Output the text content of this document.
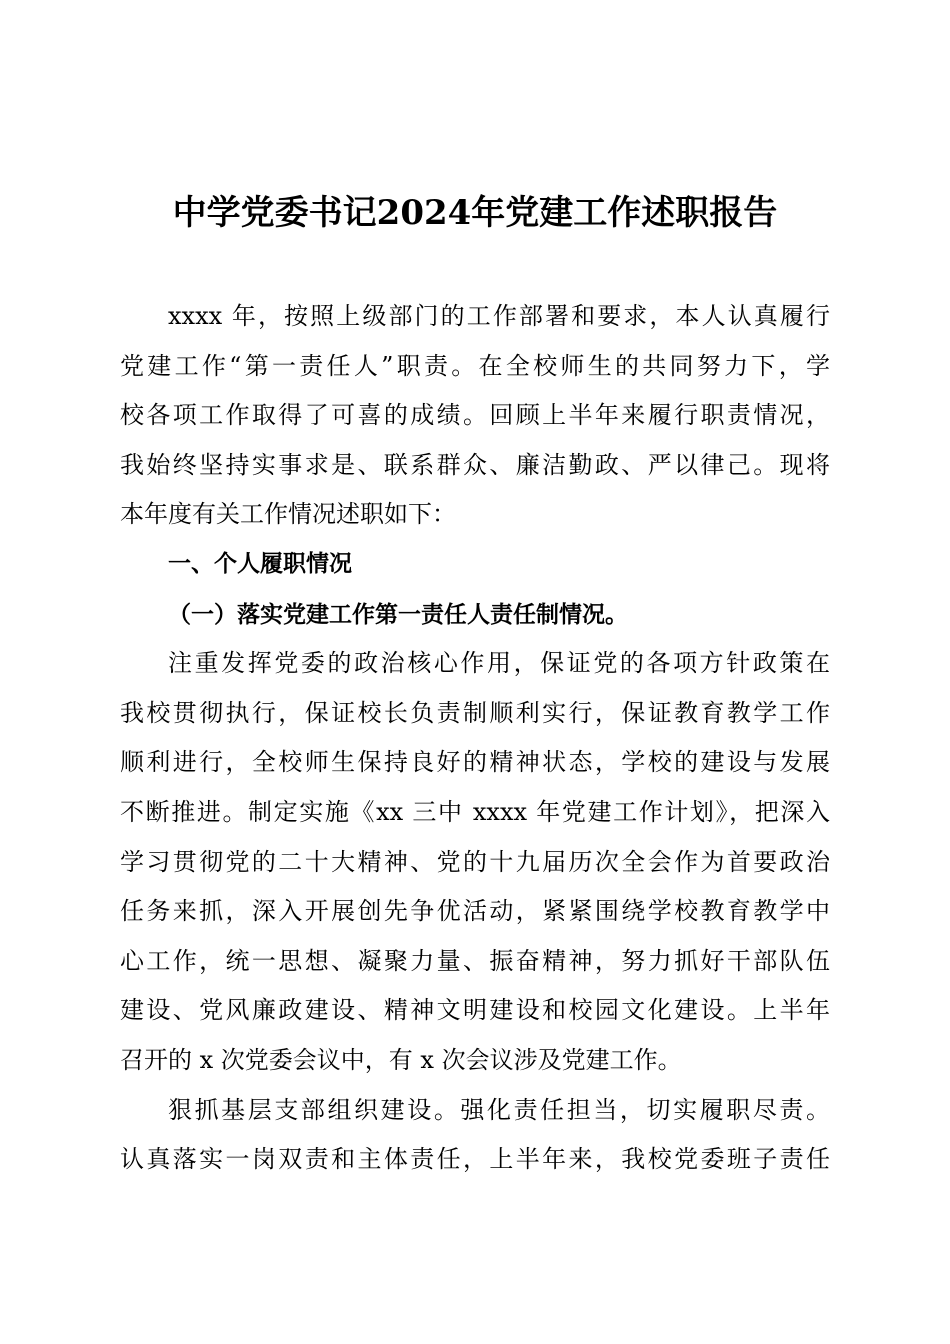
中学党委书记2024年党建工作述职报告
xxxx 年，按照上级部门的工作部署和要求，本人认真履行
党建工作“第一责任人”职责。在全校师生的共同努力下，学
校各项工作取得了可喜的成绩。回顾上半年来履行职责情况，
我始终坚持实事求是、联系群众、廉洁勤政、严以律己。现将
本年度有关工作情况述职如下：
一、个人履职情况
（一）落实党建工作第一责任人责任制情况。
注重发挥党委的政治核心作用，保证党的各项方针政策在
我校贯彻执行，保证校长负责制顺利实行，保证教育教学工作
顺利进行，全校师生保持良好的精神状态，学校的建设与发展
不断推进。制定实施《xx 三中 xxxx 年党建工作计划》，把深入
学习贯彻党的二十大精神、党的十九届历次全会作为首要政治
任务来抓，深入开展创先争优活动，紧紧围绕学校教育教学中
心工作，统一思想、凝聚力量、振奋精神，努力抓好干部队伍
建设、党风廉政建设、精神文明建设和校园文化建设。上半年
召开的 x 次党委会议中，有 x 次会议涉及党建工作。
狠抓基层支部组织建设。强化责任担当，切实履职尽责。
认真落实一岗双责和主体责任，上半年来，我校党委班子责任
